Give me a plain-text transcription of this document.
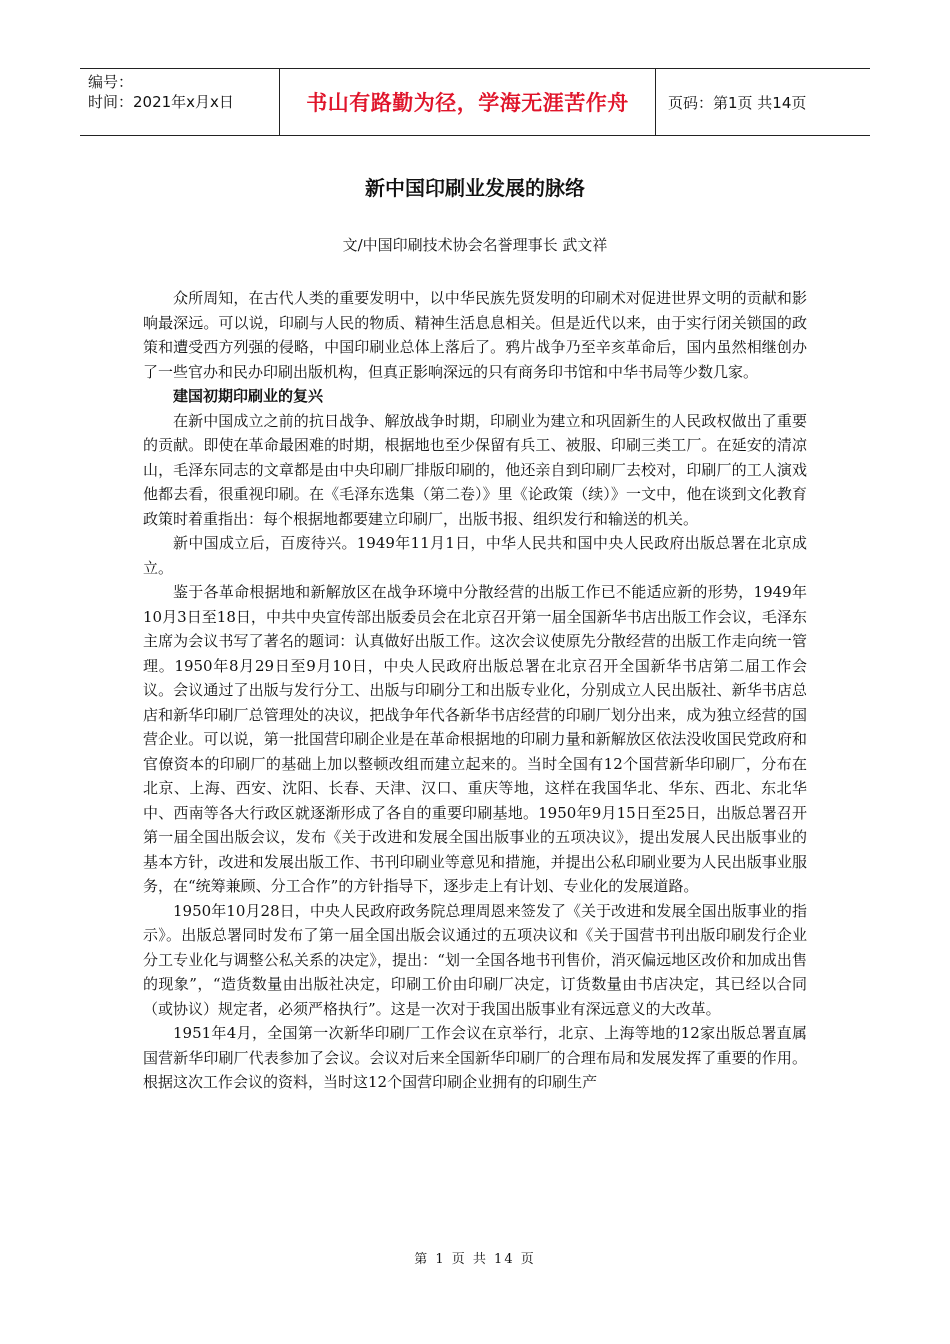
编号：
时间：2021年x月x日	书山有路勤为径，学海无涯苦作舟	页码：第1页 共14页
新中国印刷业发展的脉络
文/中国印刷技术协会名誉理事长 武文祥

众所周知，在古代人类的重要发明中，以中华民族先贤发明的印刷术对促进世界文明的贡献和影响最深远。可以说，印刷与人民的物质、精神生活息息相关。但是近代以来，由于实行闭关锁国的政策和遭受西方列强的侵略，中国印刷业总体上落后了。鸦片战争乃至辛亥革命后，国内虽然相继创办了一些官办和民办印刷出版机构，但真正影响深远的只有商务印书馆和中华书局等少数几家。

建国初期印刷业的复兴

在新中国成立之前的抗日战争、解放战争时期，印刷业为建立和巩固新生的人民政权做出了重要的贡献。即使在革命最困难的时期，根据地也至少保留有兵工、被服、印刷三类工厂。在延安的清凉山，毛泽东同志的文章都是由中央印刷厂排版印刷的，他还亲自到印刷厂去校对，印刷厂的工人演戏他都去看，很重视印刷。在《毛泽东选集（第二卷）》里《论政策（续）》一文中，他在谈到文化教育政策时着重指出：每个根据地都要建立印刷厂，出版书报、组织发行和输送的机关。

新中国成立后，百废待兴。1949年11月1日，中华人民共和国中央人民政府出版总署在北京成立。

鉴于各革命根据地和新解放区在战争环境中分散经营的出版工作已不能适应新的形势，1949年10月3日至18日，中共中央宣传部出版委员会在北京召开第一届全国新华书店出版工作会议，毛泽东主席为会议书写了著名的题词：认真做好出版工作。这次会议使原先分散经营的出版工作走向统一管理。1950年8月29日至9月10日，中央人民政府出版总署在北京召开全国新华书店第二届工作会议。会议通过了出版与发行分工、出版与印刷分工和出版专业化，分别成立人民出版社、新华书店总店和新华印刷厂总管理处的决议，把战争年代各新华书店经营的印刷厂划分出来，成为独立经营的国营企业。可以说，第一批国营印刷企业是在革命根据地的印刷力量和新解放区依法没收国民党政府和官僚资本的印刷厂的基础上加以整顿改组而建立起来的。当时全国有12个国营新华印刷厂，分布在北京、上海、西安、沈阳、长春、天津、汉口、重庆等地，这样在我国华北、华东、西北、东北华中、西南等各大行政区就逐渐形成了各自的重要印刷基地。1950年9月15日至25日，出版总署召开第一届全国出版会议，发布《关于改进和发展全国出版事业的五项决议》，提出发展人民出版事业的基本方针，改进和发展出版工作、书刊印刷业等意见和措施，并提出公私印刷业要为人民出版事业服务，在“统筹兼顾、分工合作”的方针指导下，逐步走上有计划、专业化的发展道路。

1950年10月28日，中央人民政府政务院总理周恩来签发了《关于改进和发展全国出版事业的指示》。出版总署同时发布了第一届全国出版会议通过的五项决议和《关于国营书刊出版印刷发行企业分工专业化与调整公私关系的决定》，提出：“划一全国各地书刊售价，消灭偏远地区改价和加成出售的现象”，“造货数量由出版社决定，印刷工价由印刷厂决定，订货数量由书店决定，其已经以合同（或协议）规定者，必须严格执行”。这是一次对于我国出版事业有深远意义的大改革。

1951年4月，全国第一次新华印刷厂工作会议在京举行，北京、上海等地的12家出版总署直属国营新华印刷厂代表参加了会议。会议对后来全国新华印刷厂的合理布局和发展发挥了重要的作用。根据这次工作会议的资料，当时这12个国营印刷企业拥有的印刷生产

第 1 页 共 14 页
